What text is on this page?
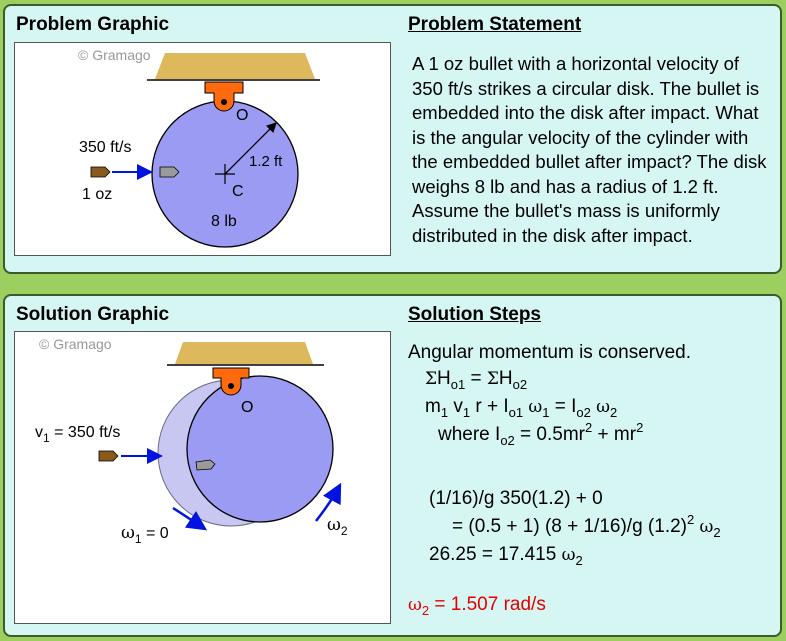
Problem Graphic	Problem Statement
© Gramago
O
1.2 ft
C
8 lb
350 ft/s
1 oz
A 1 oz bullet with a horizontal velocity of 350 ft/s strikes a circular disk. The bullet is embedded into the disk after impact. What is the angular velocity of the cylinder with the embedded bullet after impact? The disk weighs 8 lb and has a radius of 1.2 ft. Assume the bullet's mass is uniformly distributed in the disk after impact.
Solution Graphic	Solution Steps
© Gramago
O
$v_1 = 350$ ft/s
$\omega_1 = 0$	$\omega_2$
Angular momentum is conserved.
$\Sigma H_{o1} = \Sigma H_{o2}$
$m_1$ $v_1$ $r + I_{o1}$ $\omega_1 = I_{o2}$ $\omega_2$
where $I_{o2} = 0.5mr^2 + mr^2$
(1/16)/g 350(1.2) + 0
= (0.5 + 1) (8 + 1/16)/g $(1.2)^2$ $\omega_2$
26.25 = 17.415 $\omega_2$
$\omega_2 = 1.507$ rad/s
